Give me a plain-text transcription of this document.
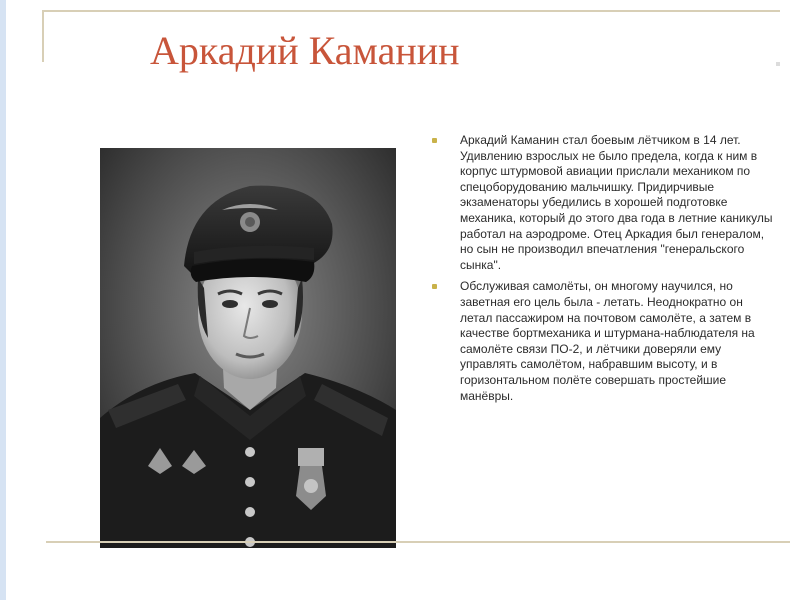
Аркадий Каманин
Аркадий Каманин стал боевым лётчиком в 14 лет. Удивлению взрослых не было предела, когда к ним в корпус штурмовой авиации прислали механиком по спецоборудованию мальчишку. Придирчивые экзаменаторы убедились в хорошей подготовке механика, который до этого два года в летние каникулы работал на аэродроме. Отец Аркадия был генералом, но сын не производил впечатления "генеральского сынка".
Обслуживая самолёты, он многому научился, но заветная его цель была - летать. Неоднократно он летал пассажиром на почтовом самолёте, а затем в качестве бортмеханика и штурмана-наблюдателя на самолёте связи ПО-2, и лётчики доверяли ему управлять самолётом, набравшим высоту, и в горизонтальном полёте совершать простейшие манёвры.
